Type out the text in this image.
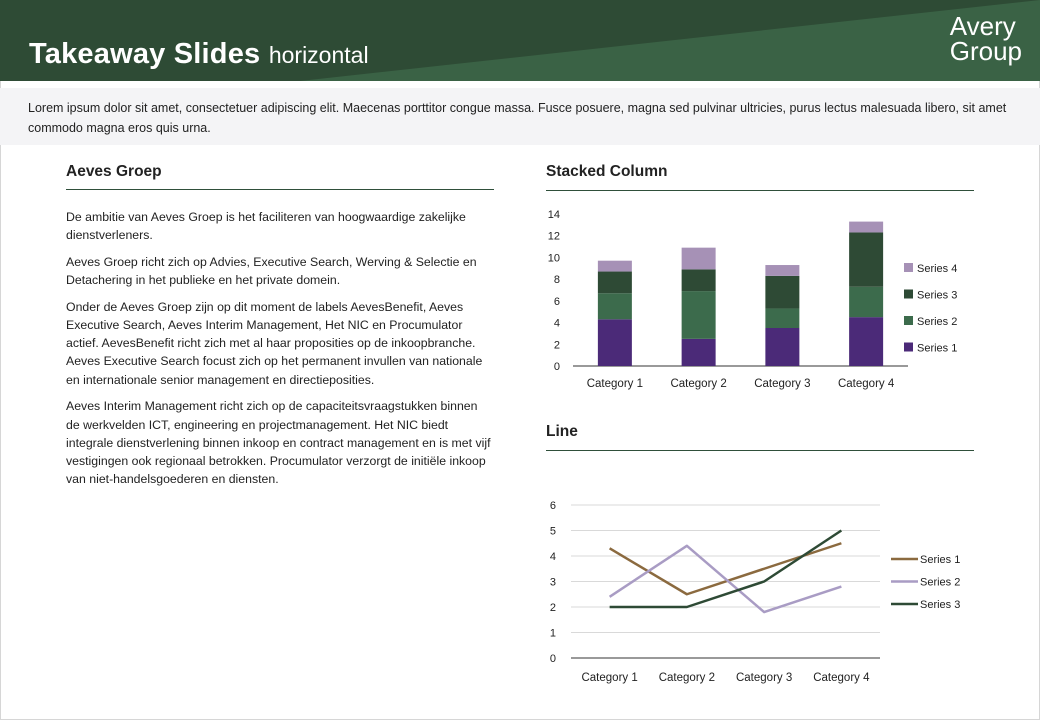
Takeaway Slides horizontal
Avery
Group
Lorem ipsum dolor sit amet, consectetuer adipiscing elit. Maecenas porttitor congue massa. Fusce posuere, magna sed pulvinar ultricies, purus lectus malesuada libero, sit amet commodo magna eros quis urna.
Aeves Groep

De ambitie van Aeves Groep is het faciliteren van hoogwaardige zakelijke dienstverleners.

Aeves Groep richt zich op Advies, Executive Search, Werving & Selectie en Detachering in het publieke en het private domein.

Onder de Aeves Groep zijn op dit moment de labels AevesBenefit, Aeves Executive Search, Aeves Interim Management, Het NIC en Procumulator actief. AevesBenefit richt zich met al haar proposities op de inkoopbranche. Aeves Executive Search focust zich op het permanent invullen van nationale en internationale senior management en directieposities.

Aeves Interim Management richt zich op de capaciteitsvraagstukken binnen de werkvelden ICT, engineering en projectmanagement. Het NIC biedt integrale dienstverlening binnen inkoop en contract management en is met vijf vestigingen ook regionaal betrokken. Procumulator verzorgt de initiële inkoop van niet-handelsgoederen en diensten.

Stacked Column
0
2
4
6
8
10
12
14
Category 1 Category 2 Category 3 Category 4
Series 4
Series 3
Series 2
Series 1
Line
0
1
2
3
4
5
6
Category 1 Category 2 Category 3 Category 4
Series 1
Series 2
Series 3
